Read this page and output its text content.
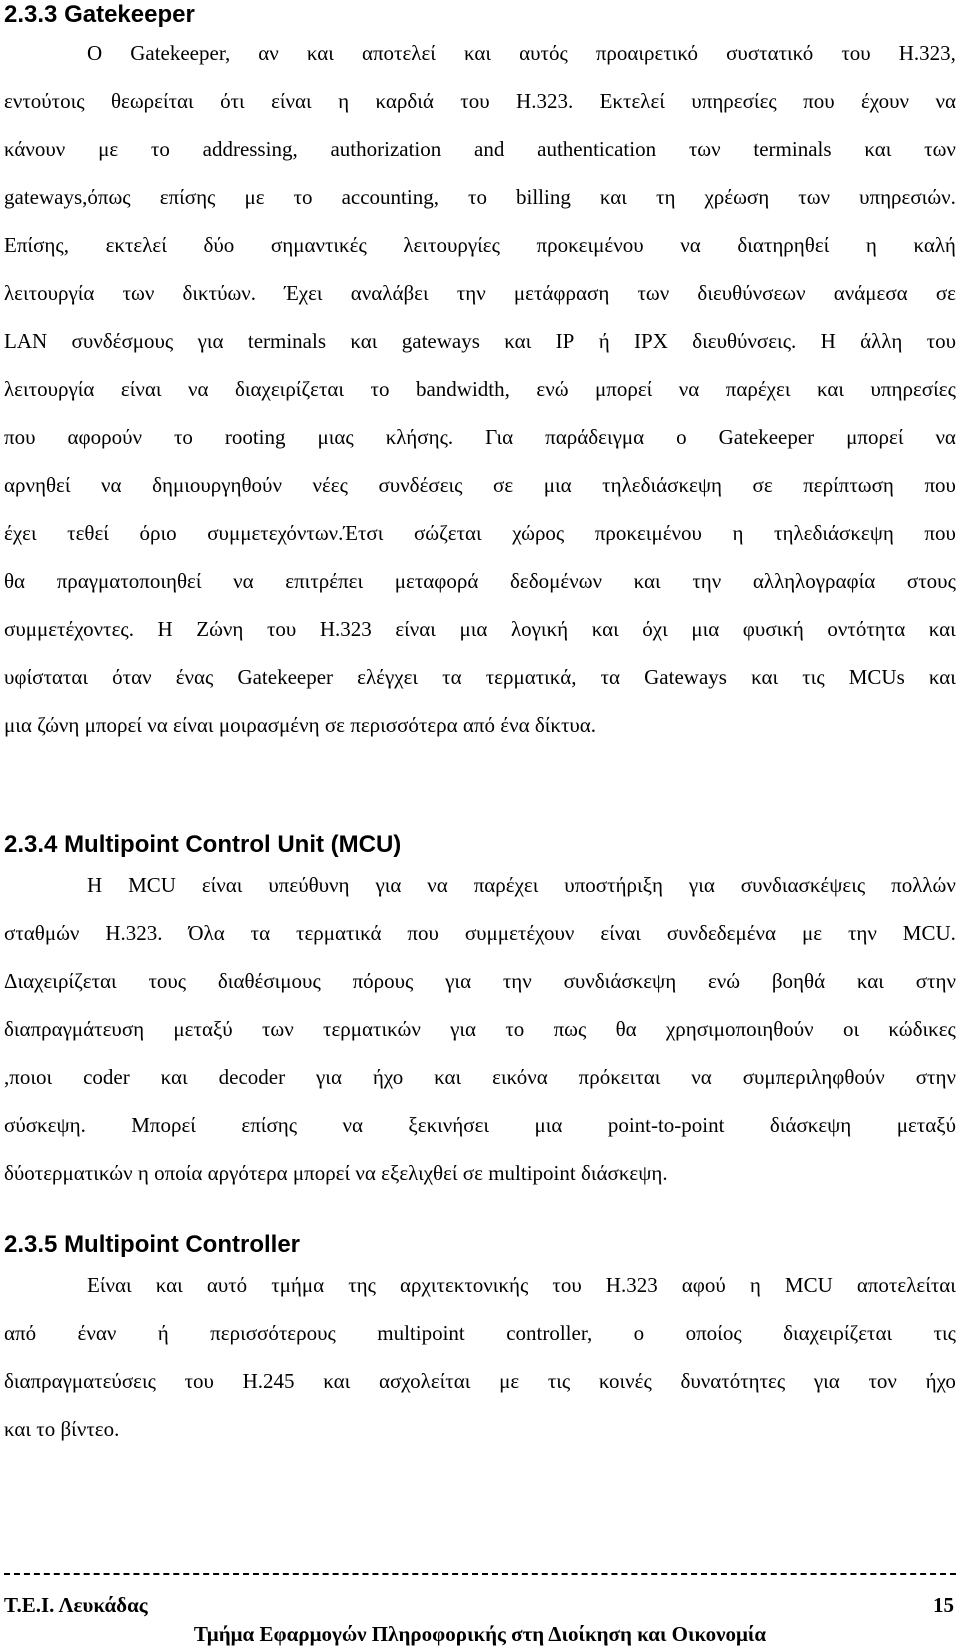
2.3.3 Gatekeeper
Ο Gatekeeper, αν και αποτελεί και αυτός προαιρετικό συστατικό του Η.323,
εντούτοις θεωρείται ότι είναι η καρδιά του Η.323. Εκτελεί υπηρεσίες που έχουν να
κάνουν με το addressing, authorization and authentication των terminals και των
gateways,όπως επίσης με το accounting, το billing και τη χρέωση των υπηρεσιών.
Επίσης, εκτελεί δύο σημαντικές λειτουργίες προκειμένου να διατηρηθεί η καλή
λειτουργία των δικτύων. Έχει αναλάβει την μετάφραση των διευθύνσεων ανάμεσα σε
LAN συνδέσμους για terminals και gateways και IP ή IPX διευθύνσεις. Η άλλη του
λειτουργία είναι να διαχειρίζεται το bandwidth, ενώ μπορεί να παρέχει και υπηρεσίες
που αφορούν το rooting μιας κλήσης. Για παράδειγμα ο Gatekeeper μπορεί να
αρνηθεί να δημιουργηθούν νέες συνδέσεις σε μια τηλεδιάσκεψη σε περίπτωση που
έχει τεθεί όριο συμμετεχόντων.Έτσι σώζεται χώρος προκειμένου η τηλεδιάσκεψη που
θα πραγματοποιηθεί να επιτρέπει μεταφορά δεδομένων και την αλληλογραφία στους
συμμετέχοντες. Η Ζώνη του Η.323 είναι μια λογική και όχι μια φυσική οντότητα και
υφίσταται όταν ένας Gatekeeper ελέγχει τα τερματικά, τα Gateways και τις MCUs και
μια ζώνη μπορεί να είναι μοιρασμένη σε περισσότερα από ένα δίκτυα.
2.3.4 Multipoint Control Unit (MCU)
Η MCU είναι υπεύθυνη για να παρέχει υποστήριξη για συνδιασκέψεις πολλών
σταθμών Η.323. Όλα τα τερματικά που συμμετέχουν είναι συνδεδεμένα με την MCU.
Διαχειρίζεται τους διαθέσιμους πόρους για την συνδιάσκεψη ενώ βοηθά και στην
διαπραγμάτευση μεταξύ των τερματικών για το πως θα χρησιμοποιηθούν οι κώδικες
,ποιοι coder και decoder για ήχο και εικόνα πρόκειται να συμπεριληφθούν στην
σύσκεψη. Μπορεί επίσης να ξεκινήσει μια point-to-point διάσκεψη μεταξύ
δύοτερματικών η οποία αργότερα μπορεί να εξελιχθεί σε multipoint διάσκεψη.
2.3.5 Multipoint Controller
Είναι και αυτό τμήμα της αρχιτεκτονικής του Η.323 αφού η MCU αποτελείται
από έναν ή περισσότερους multipoint controller, ο οποίος διαχειρίζεται τις
διαπραγματεύσεις του Η.245 και ασχολείται με τις κοινές δυνατότητες για τον ήχο
και το βίντεο.
Τ.Ε.Ι. Λευκάδας	15
Τμήμα Εφαρμογών Πληροφορικής στη Διοίκηση και Οικονομία
